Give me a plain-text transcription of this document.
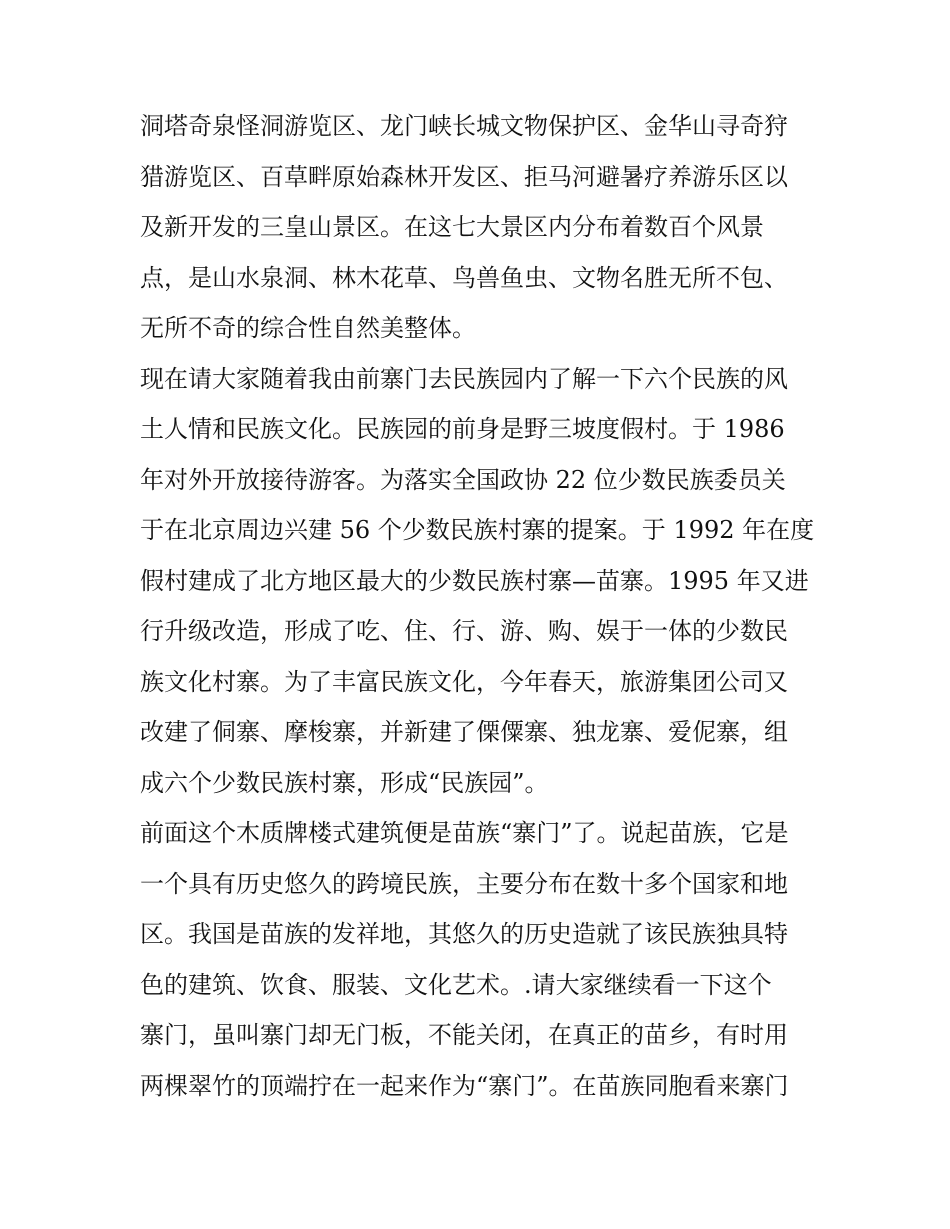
洞塔奇泉怪洞游览区、龙门峡长城文物保护区、金华山寻奇狩
猎游览区、百草畔原始森林开发区、拒马河避暑疗养游乐区以
及新开发的三皇山景区。在这七大景区内分布着数百个风景
点，是山水泉洞、林木花草、鸟兽鱼虫、文物名胜无所不包、
无所不奇的综合性自然美整体。
现在请大家随着我由前寨门去民族园内了解一下六个民族的风
土人情和民族文化。民族园的前身是野三坡度假村。于 1986
年对外开放接待游客。为落实全国政协 22 位少数民族委员关
于在北京周边兴建 56 个少数民族村寨的提案。于 1992 年在度
假村建成了北方地区最大的少数民族村寨—苗寨。1995 年又进
行升级改造，形成了吃、住、行、游、购、娱于一体的少数民
族文化村寨。为了丰富民族文化，今年春天，旅游集团公司又
改建了侗寨、摩梭寨，并新建了傈僳寨、独龙寨、爱伲寨，组
成六个少数民族村寨，形成“民族园”。
前面这个木质牌楼式建筑便是苗族“寨门”了。说起苗族，它是
一个具有历史悠久的跨境民族，主要分布在数十多个国家和地
区。我国是苗族的发祥地，其悠久的历史造就了该民族独具特
色的建筑、饮食、服装、文化艺术。.请大家继续看一下这个
寨门，虽叫寨门却无门板，不能关闭，在真正的苗乡，有时用
两棵翠竹的顶端拧在一起来作为“寨门”。在苗族同胞看来寨门
